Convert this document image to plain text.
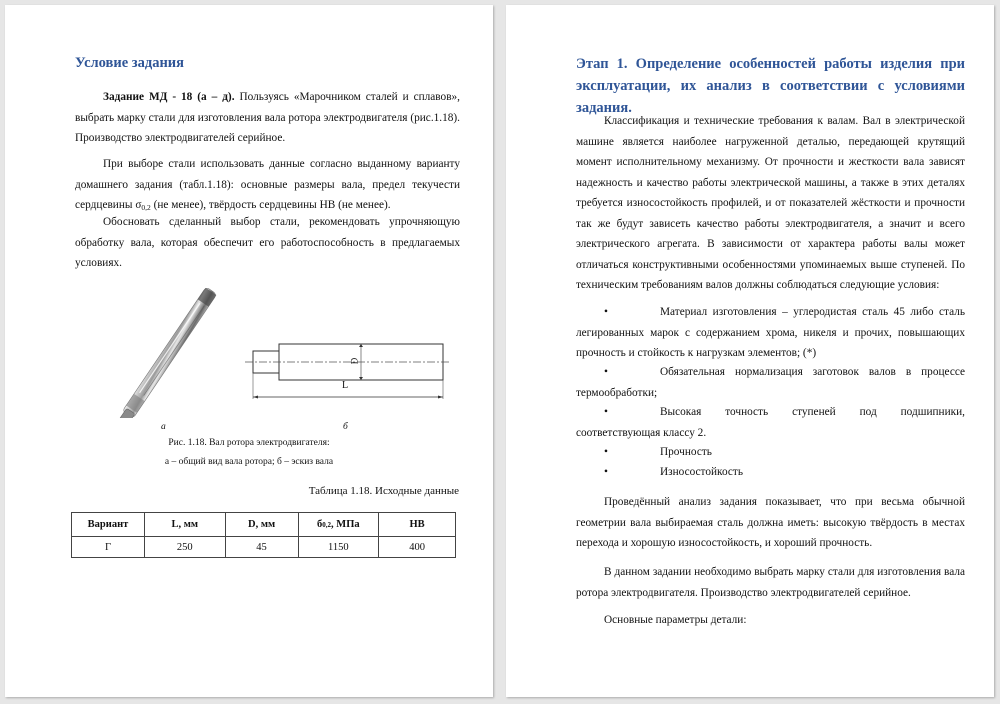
Условие задания
Задание МД - 18 (а – д). Пользуясь «Марочником сталей и сплавов», выбрать марку стали для изготовления вала ротора электродвигателя (рис.1.18). Производство электродвигателей серийное.
При выборе стали использовать данные согласно выданному варианту домашнего задания (табл.1.18): основные размеры вала, предел текучести сердцевины $\sigma_{0,2}$ (не менее), твёрдость сердцевины НВ (не менее).
Обосновать сделанный выбор стали, рекомендовать упрочняющую обработку вала, которая обеспечит его работоспособность в предлагаемых условиях.
D
L
а	б
Рис. 1.18. Вал ротора электродвигателя:
а – общий вид вала ротора; б – эскиз вала
Таблица 1.18. Исходные данные
Вариант	L, мм	D, мм	б0,2, МПа	НВ
Г	250	45	1150	400
Этап 1. Определение особенностей работы изделия при эксплуатации, их анализ в соответствии с условиями задания.
Классификация и технические требования к валам. Вал в электрической машине является наиболее нагруженной деталью, передающей крутящий момент исполнительному механизму. От прочности и жесткости вала зависят надежность и качество работы электрической машины, а также в этих деталях требуется износостойкость профилей, и от показателей жёсткости и прочности так же будут зависеть качество работы электродвигателя, а значит и всего электрического агрегата. В зависимости от характера работы валы может отличаться конструктивными особенностями упоминаемых выше ступеней. По техническим требованиям валов должны соблюдаться следующие условия:
•	Материал изготовления – углеродистая сталь 45 либо сталь легированных марок с содержанием хрома, никеля и прочих, повышающих прочность и стойкость к нагрузкам элементов; (*)
•	Обязательная нормализация заготовок валов в процессе термообработки;
•	Высокая точность ступеней под подшипники, соответствующая классу 2.
•	Прочность
•	Износостойкость
Проведённый анализ задания показывает, что при весьма обычной геометрии вала выбираемая сталь должна иметь: высокую твёрдость в местах перехода и хорошую износостойкость, и хороший прочность.
В данном задании необходимо выбрать марку стали для изготовления вала ротора электродвигателя. Производство электродвигателей серийное.
Основные параметры детали:
